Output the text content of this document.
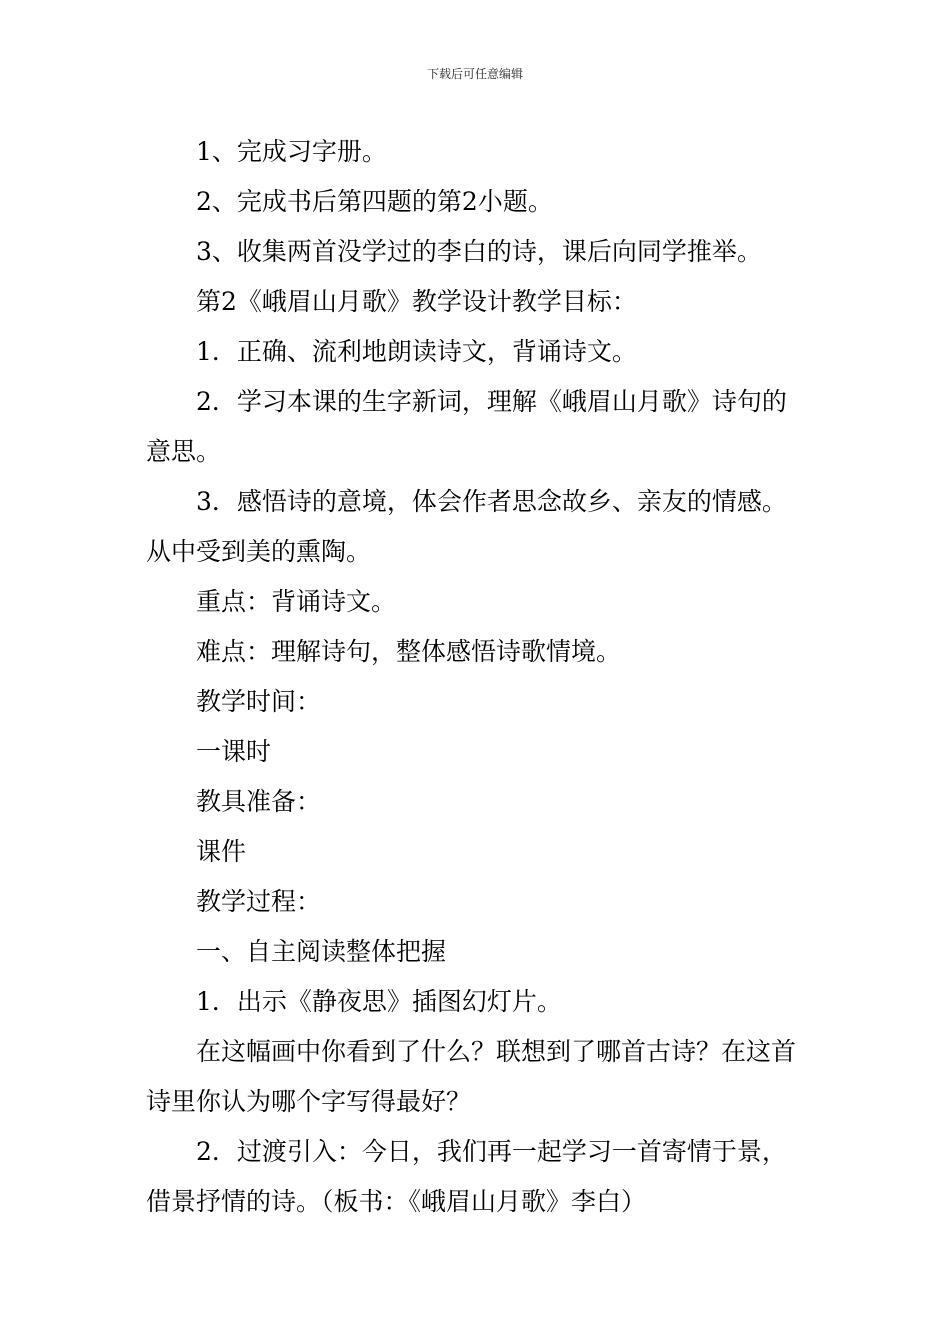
下载后可任意编辑

1、完成习字册。

2、完成书后第四题的第2小题。

3、收集两首没学过的李白的诗，课后向同学推举。

第2《峨眉山月歌》教学设计教学目标：

1．正确、流利地朗读诗文，背诵诗文。

2．学习本课的生字新词，理解《峨眉山月歌》诗句的意思。

3．感悟诗的意境，体会作者思念故乡、亲友的情感。从中受到美的熏陶。

重点：背诵诗文。

难点：理解诗句，整体感悟诗歌情境。

教学时间：

一课时

教具准备：

课件

教学过程：

一、自主阅读整体把握

1．出示《静夜思》插图幻灯片。

在这幅画中你看到了什么？联想到了哪首古诗？在这首诗里你认为哪个字写得最好？

2．过渡引入：今日，我们再一起学习一首寄情于景，借景抒情的诗。（板书：《峨眉山月歌》李白）
